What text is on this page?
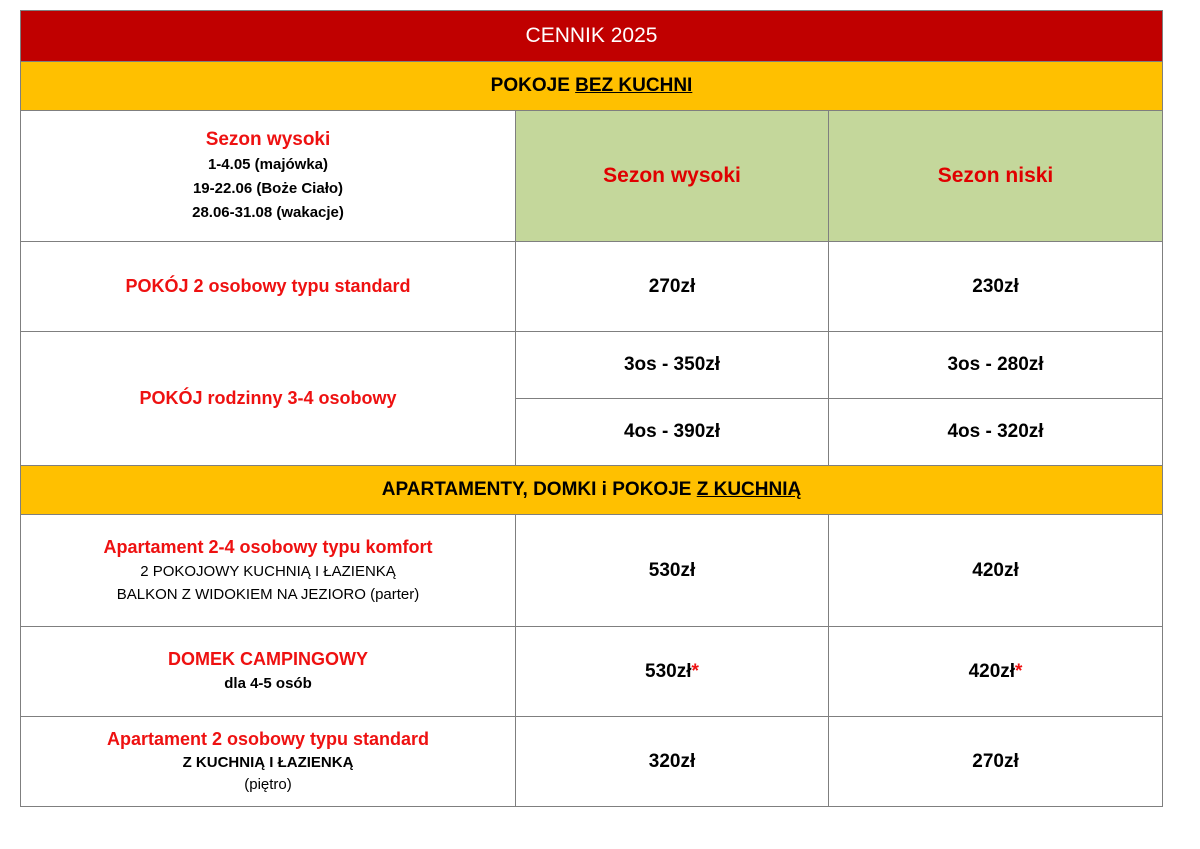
CENNIK 2025		
POKOJE BEZ KUCHNI		

Sezon wysoki
1-4.05 (majówka)
19-22.06 (Boże Ciało)
28.06-31.08 (wakacje)	Sezon wysoki	Sezon niski
POKÓJ 2 osobowy typu standard	270zł	230zł
POKÓJ rodzinny 3-4 osobowy	3os - 350zł	3os - 280zł
	4os - 390zł	4os - 320zł
APARTAMENTY, DOMKI i POKOJE Z KUCHNIĄ		

Apartament 2-4 osobowy typu komfort
2 POKOJOWY KUCHNIĄ I ŁAZIENKĄ
BALKON Z WIDOKIEM NA JEZIORO (parter)	530zł	420zł

DOMEK CAMPINGOWY
dla 4-5 osób	530zł*	420zł*

Apartament 2 osobowy typu standard
Z KUCHNIĄ I ŁAZIENKĄ
(piętro)	320zł	270zł
